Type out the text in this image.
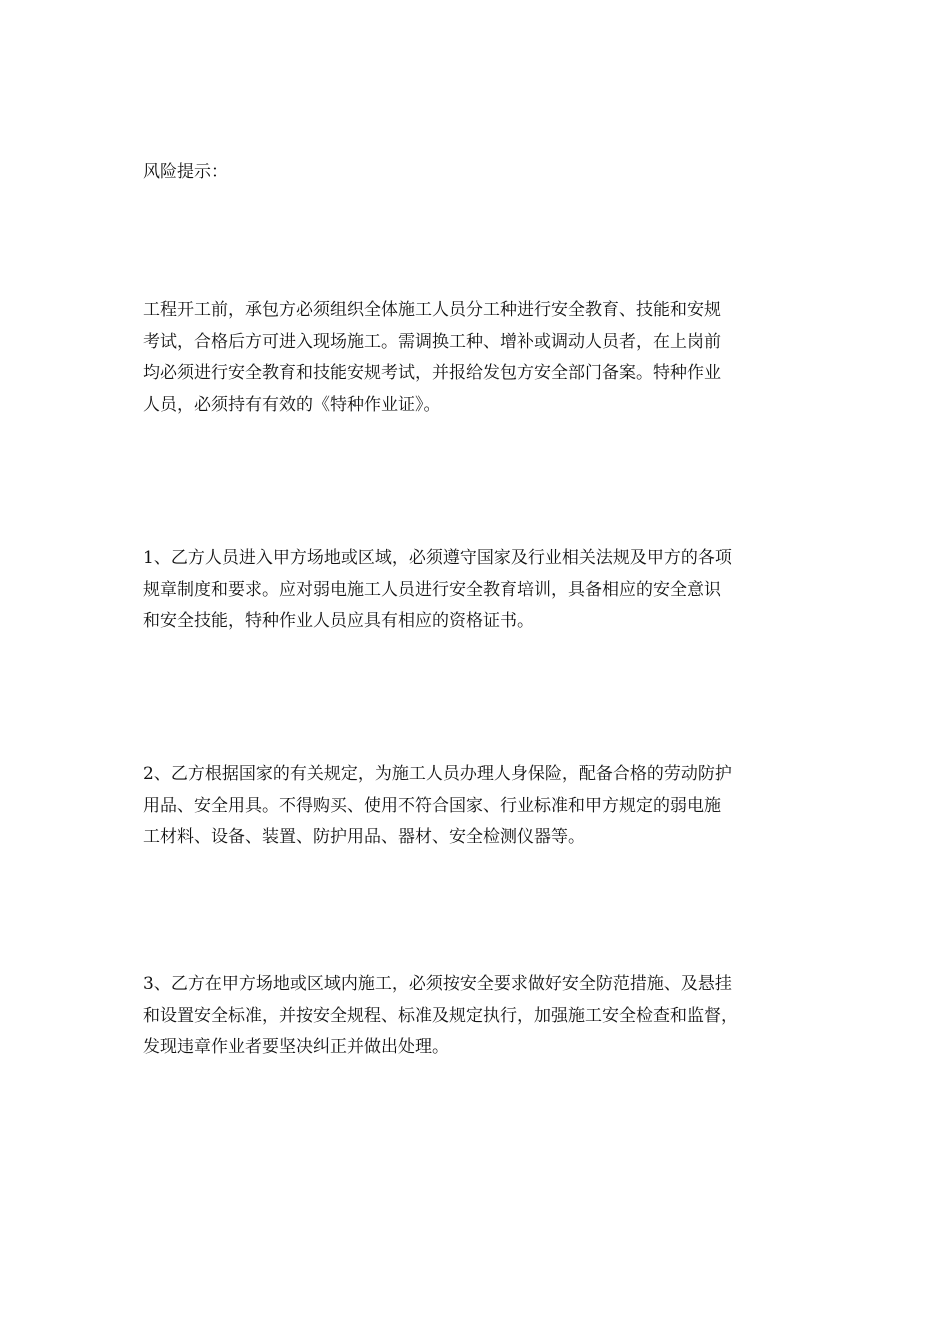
风险提示：

工程开工前，承包方必须组织全体施工人员分工种进行安全教育、技能和安规
考试，合格后方可进入现场施工。需调换工种、增补或调动人员者，在上岗前
均必须进行安全教育和技能安规考试，并报给发包方安全部门备案。特种作业
人员，必须持有有效的《特种作业证》。

1、乙方人员进入甲方场地或区域，必须遵守国家及行业相关法规及甲方的各项
规章制度和要求。应对弱电施工人员进行安全教育培训，具备相应的安全意识
和安全技能，特种作业人员应具有相应的资格证书。

2、乙方根据国家的有关规定，为施工人员办理人身保险，配备合格的劳动防护
用品、安全用具。不得购买、使用不符合国家、行业标准和甲方规定的弱电施
工材料、设备、装置、防护用品、器材、安全检测仪器等。

3、乙方在甲方场地或区域内施工，必须按安全要求做好安全防范措施、及悬挂
和设置安全标准，并按安全规程、标准及规定执行，加强施工安全检查和监督，
发现违章作业者要坚决纠正并做出处理。
